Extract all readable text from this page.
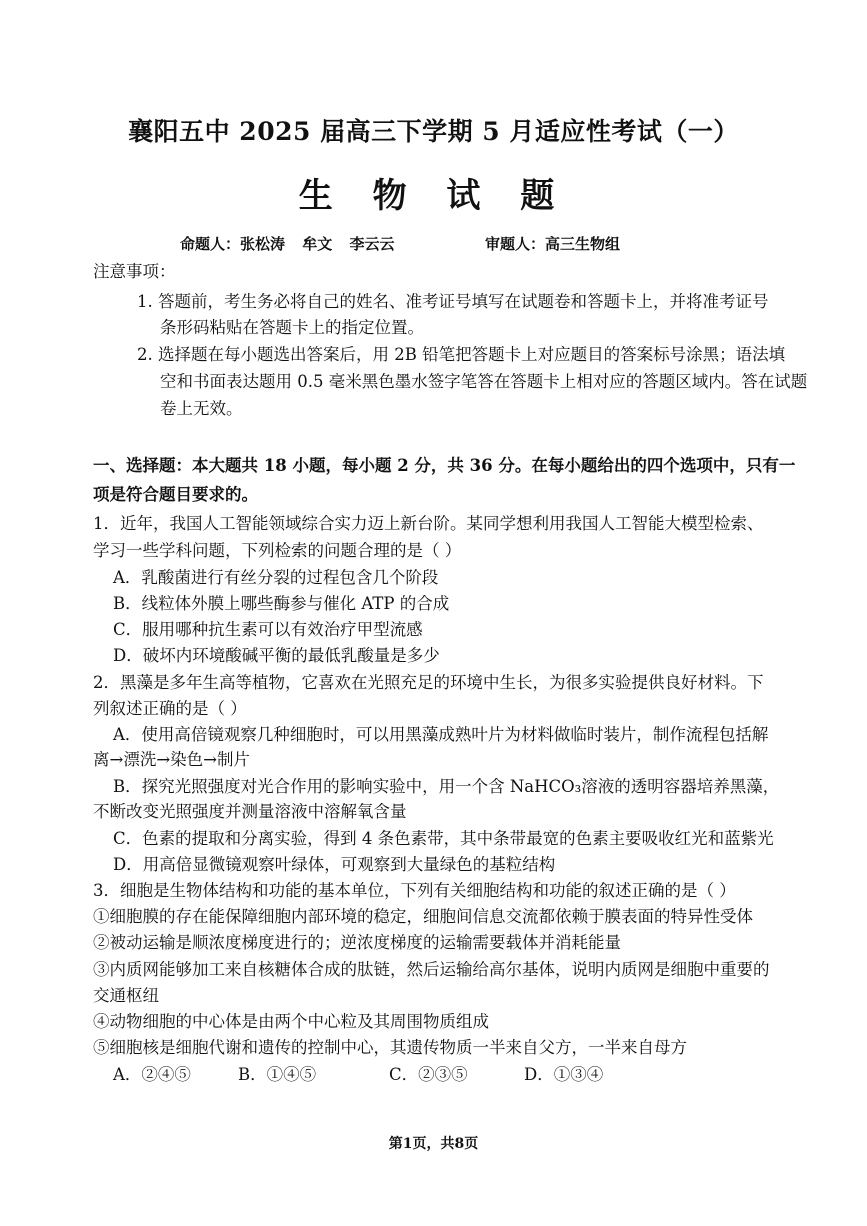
襄阳五中 2025 届高三下学期 5 月适应性考试（一）
生 物 试 题
命题人：张松涛 牟文 李云云	审题人：高三生物组
注意事项：
1. 答题前，考生务必将自己的姓名、准考证号填写在试题卷和答题卡上，并将准考证号
条形码粘贴在答题卡上的指定位置。
2. 选择题在每小题选出答案后，用 2B 铅笔把答题卡上对应题目的答案标号涂黑；语法填
空和书面表达题用 0.5 毫米黑色墨水签字笔答在答题卡上相对应的答题区域内。答在试题
卷上无效。
一、选择题：本大题共 18 小题，每小题 2 分，共 36 分。在每小题给出的四个选项中，只有一
项是符合题目要求的。
1．近年，我国人工智能领域综合实力迈上新台阶。某同学想利用我国人工智能大模型检索、
学习一些学科问题，下列检索的问题合理的是（ ）
A．乳酸菌进行有丝分裂的过程包含几个阶段
B．线粒体外膜上哪些酶参与催化 ATP 的合成
C．服用哪种抗生素可以有效治疗甲型流感
D．破坏内环境酸碱平衡的最低乳酸量是多少
2．黑藻是多年生高等植物，它喜欢在光照充足的环境中生长，为很多实验提供良好材料。下
列叙述正确的是（ ）
A．使用高倍镜观察几种细胞时，可以用黑藻成熟叶片为材料做临时装片，制作流程包括解
离→漂洗→染色→制片
B．探究光照强度对光合作用的影响实验中，用一个含 NaHCO₃溶液的透明容器培养黑藻，
不断改变光照强度并测量溶液中溶解氧含量
C．色素的提取和分离实验，得到 4 条色素带，其中条带最宽的色素主要吸收红光和蓝紫光
D．用高倍显微镜观察叶绿体，可观察到大量绿色的基粒结构
3．细胞是生物体结构和功能的基本单位，下列有关细胞结构和功能的叙述正确的是（ ）
①细胞膜的存在能保障细胞内部环境的稳定，细胞间信息交流都依赖于膜表面的特异性受体
②被动运输是顺浓度梯度进行的；逆浓度梯度的运输需要载体并消耗能量
③内质网能够加工来自核糖体合成的肽链，然后运输给高尔基体，说明内质网是细胞中重要的
交通枢纽
④动物细胞的中心体是由两个中心粒及其周围物质组成
⑤细胞核是细胞代谢和遗传的控制中心，其遗传物质一半来自父方，一半来自母方
A．②④⑤	B．①④⑤	C．②③⑤	D．①③④
第1页，共8页
